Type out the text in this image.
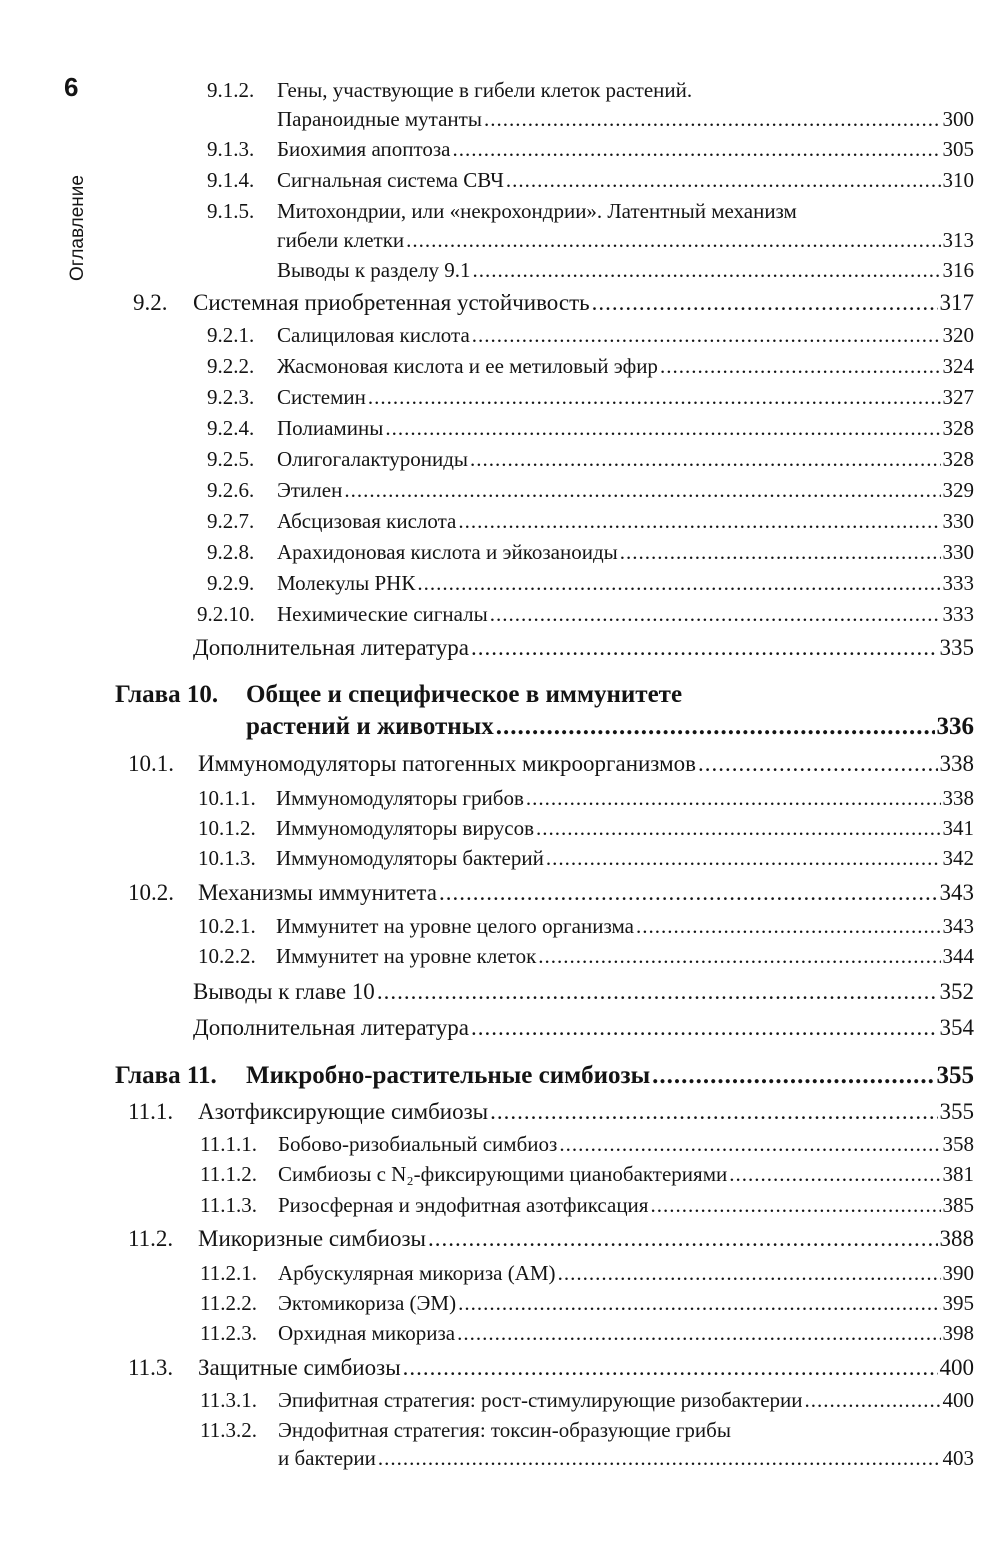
6
Оглавление
9.1.2.	Гены, участвующие в гибели клеток растений.
Параноидные мутанты .....	300
9.1.3.	Биохимия апоптоза .....	305
9.1.4.	Сигнальная система СВЧ .....	310
9.1.5.	Митохондрии, или «некрохондрии». Латентный механизм
гибели клетки .....	313
Выводы к разделу 9.1 .....	316
9.2.	Системная приобретенная устойчивость .....	317
9.2.1.	Салициловая кислота .....	320
9.2.2.	Жасмоновая кислота и ее метиловый эфир .....	324
9.2.3.	Системин .....	327
9.2.4.	Полиамины .....	328
9.2.5.	Олигогалактурониды .....	328
9.2.6.	Этилен .....	329
9.2.7.	Абсцизовая кислота .....	330
9.2.8.	Арахидоновая кислота и эйкозаноиды .....	330
9.2.9.	Молекулы РНК .....	333
9.2.10.	Нехимические сигналы .....	333
Дополнительная литература .....	335
Глава 10.	Общее и специфическое в иммунитете
растений и животных .....	336
10.1.	Иммуномодуляторы патогенных микроорганизмов .....	338
10.1.1. Иммуномодуляторы грибов .....	338
10.1.2. Иммуномодуляторы вирусов .....	341
10.1.3. Иммуномодуляторы бактерий .....	342
10.2.	Механизмы иммунитета .....	343
10.2.1. Иммунитет на уровне целого организма .....	343
10.2.2. Иммунитет на уровне клеток .....	344
Выводы к главе 10 .....	352
Дополнительная литература .....	354
Глава 11.	Микробно-растительные симбиозы .....	355
11.1.	Азотфиксирующие симбиозы .....	355
11.1.1.	Бобово-ризобиальный симбиоз .....	358
11.1.2.	Симбиозы с N₂-фиксирующими цианобактериями .....	381
11.1.3.	Ризосферная и эндофитная азотфиксация .....	385
11.2.	Микоризные симбиозы .....	388
11.2.1.	Арбускулярная микориза (АМ) .....	390
11.2.2.	Эктомикориза (ЭМ) .....	395
11.2.3.	Орхидная микориза .....	398
11.3.	Защитные симбиозы .....	400
11.3.1.	Эпифитная стратегия: рост-стимулирующие ризобактерии .....	400
11.3.2.	Эндофитная стратегия: токсин-образующие грибы
и бактерии .....	403
